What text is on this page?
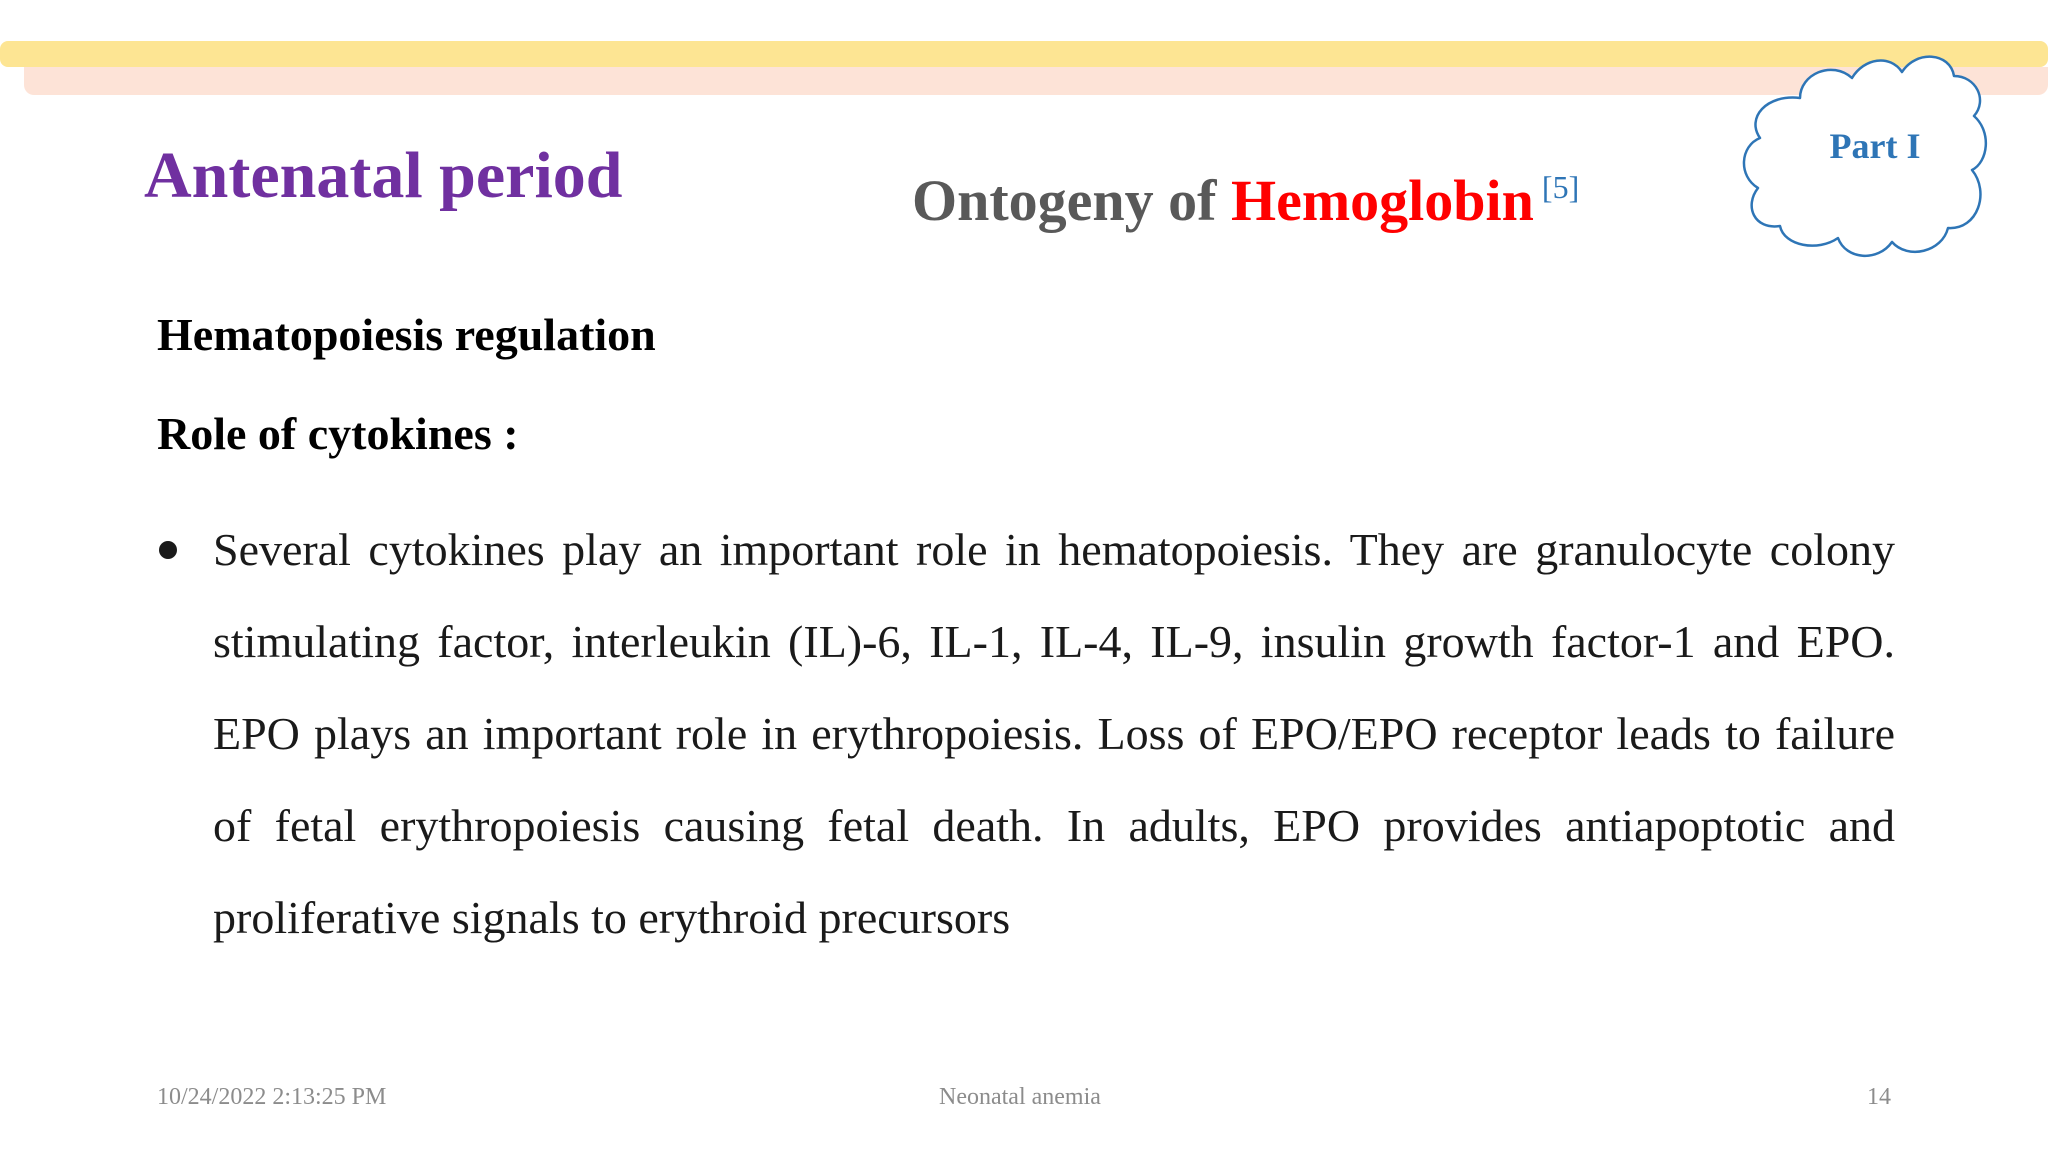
Antenatal period	Ontogeny of Hemoglobin [5]
Part I
Hematopoiesis regulation
Role of cytokines :

Several cytokines play an important role in hematopoiesis. They are granulocyte colony stimulating factor, interleukin (IL)-6, IL-1, IL-4, IL-9, insulin growth factor-1 and EPO. EPO plays an important role in erythropoiesis. Loss of EPO/EPO receptor leads to failure of fetal erythropoiesis causing fetal death. In adults, EPO provides antiapoptotic and proliferative signals to erythroid precursors

10/24/2022 2:13:25 PM	Neonatal anemia	14
